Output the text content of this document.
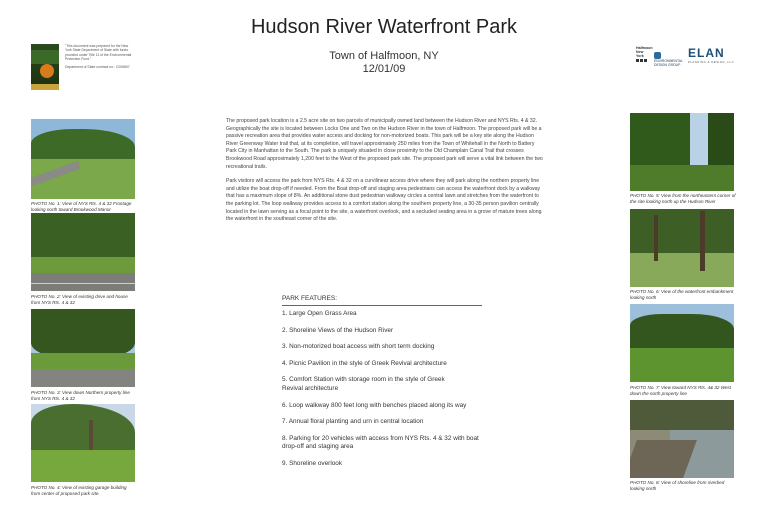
Hudson River Waterfront Park
Town of Halfmoon, NY
12/01/09
"This document was prepared for the New York State Department of State with funds provided under Title 11 of the Environmental Protection Fund."
Department of State contract no.: C006807
Halfmoon
New York

ENVIRONMENTAL
DESIGN GROUP
ELAN
PLANNING & DESIGN, LLC
PHOTO No. 1: View of NYS Rts. 4 & 32 Frontage looking north toward Brookwood Manor
PHOTO No. 2: View of existing drive and house from NYS Rts. 4 & 32
PHOTO No. 3: View down Northern property line from NYS Rts. 4 & 32
PHOTO No. 4: View of existing garage building from center of proposed park site.
PHOTO No. 5: View from the northeastern corner of the site looking north up the Hudson River
PHOTO No. 6: View of the waterfront embankment looking north
PHOTO No. 7: View toward NYS Rts. 4& 32 West down the north property line
PHOTO No. 8: View of shoreline from riverbed looking north

The proposed park location is a 2.5 acre site on two parcels of municipally owned land between the Hudson River and NYS Rts. 4 & 32. Geographically the site is located between Locks One and Two on the Hudson River in the town of Halfmoon. The proposed park will be a passive recreation area that provides water access and docking for non-motorized boats. This park will be a key site along the Hudson River Greenway Water trail that, at its completion, will travel approximately 250 miles from the Town of Whitehall in the North to Battery Park City in Manhattan to the South. The park is uniquely situated in close proximity to the Old Champlain Canal Trail that crosses Brookwood Road approximately 1,200 feet to the West of the proposed park site. The proposed park will serve a vital link between the two recreational trails.

Park visitors will access the park from NYS Rts. 4 & 32 on a curvilinear access drive where they will park along the northern property line and utilize the boat drop-off if needed. From the Boat drop-off and staging area pedestrians can access the waterfront dock by a walkway that has a maximum slope of 8%. An additional stone dust pedestrian walkway circles a central lawn and stretches from the waterfront to the parking lot. The loop walkway provides access to a comfort station along the southern property line, a 30-35 person pavilion centrally located in the lawn serving as a focal point to the site, a waterfront overlook, and a secluded seating area in a grove of mature trees along the waterfront in the southeast corner of the site.

PARK FEATURES:
1. Large Open Grass Area
2. Shoreline Views of the Hudson River
3. Non-motorized boat access with short term docking
4. Picnic Pavilion in the style of Greek Revival architecture
5. Comfort Station with storage room in the style of Greek
Revival architecture
6. Loop walkway 800 feet long with benches placed along its way
7. Annual floral planting and urn in central location
8. Parking for 20 vehicles with access from NYS Rts. 4 & 32 with boat
drop-off and staging area
9. Shoreline overlook
